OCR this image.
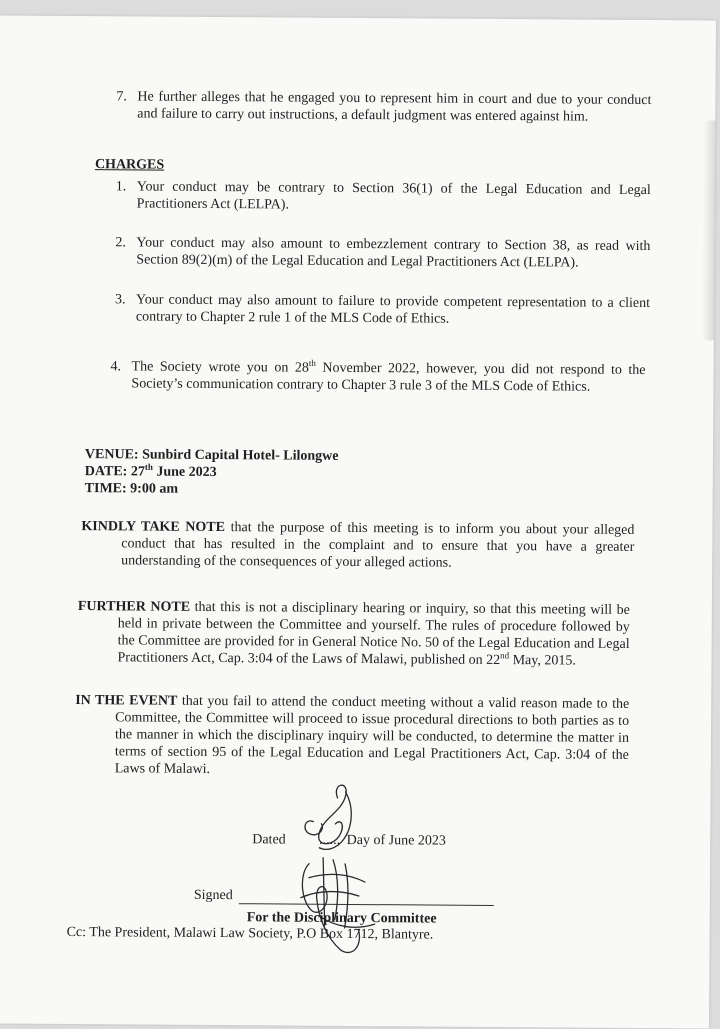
7. He further alleges that he engaged you to represent him in court and due to your conduct and failure to carry out instructions, a default judgment was entered against him.
CHARGES
1. Your conduct may be contrary to Section 36(1) of the Legal Education and Legal Practitioners Act (LELPA).
2. Your conduct may also amount to embezzlement contrary to Section 38, as read with Section 89(2)(m) of the Legal Education and Legal Practitioners Act (LELPA).
3. Your conduct may also amount to failure to provide competent representation to a client contrary to Chapter 2 rule 1 of the MLS Code of Ethics.
4. The Society wrote you on 28th November 2022, however, you did not respond to the Society’s communication contrary to Chapter 3 rule 3 of the MLS Code of Ethics.
VENUE: Sunbird Capital Hotel- Lilongwe
DATE: 27th June 2023
TIME: 9:00 am
KINDLY TAKE NOTE that the purpose of this meeting is to inform you about your alleged conduct that has resulted in the complaint and to ensure that you have a greater understanding of the consequences of your alleged actions.
FURTHER NOTE that this is not a disciplinary hearing or inquiry, so that this meeting will be held in private between the Committee and yourself. The rules of procedure followed by the Committee are provided for in General Notice No. 50 of the Legal Education and Legal Practitioners Act, Cap. 3:04 of the Laws of Malawi, published on 22nd May, 2015.
IN THE EVENT that you fail to attend the conduct meeting without a valid reason made to the Committee, the Committee will proceed to issue procedural directions to both parties as to the manner in which the disciplinary inquiry will be conducted, to determine the matter in terms of section 95 of the Legal Education and Legal Practitioners Act, Cap. 3:04 of the Laws of Malawi.
Dated ...... Day of June 2023
Signed
For the Disciplinary Committee
Cc: The President, Malawi Law Society, P.O Box 1712, Blantyre.
